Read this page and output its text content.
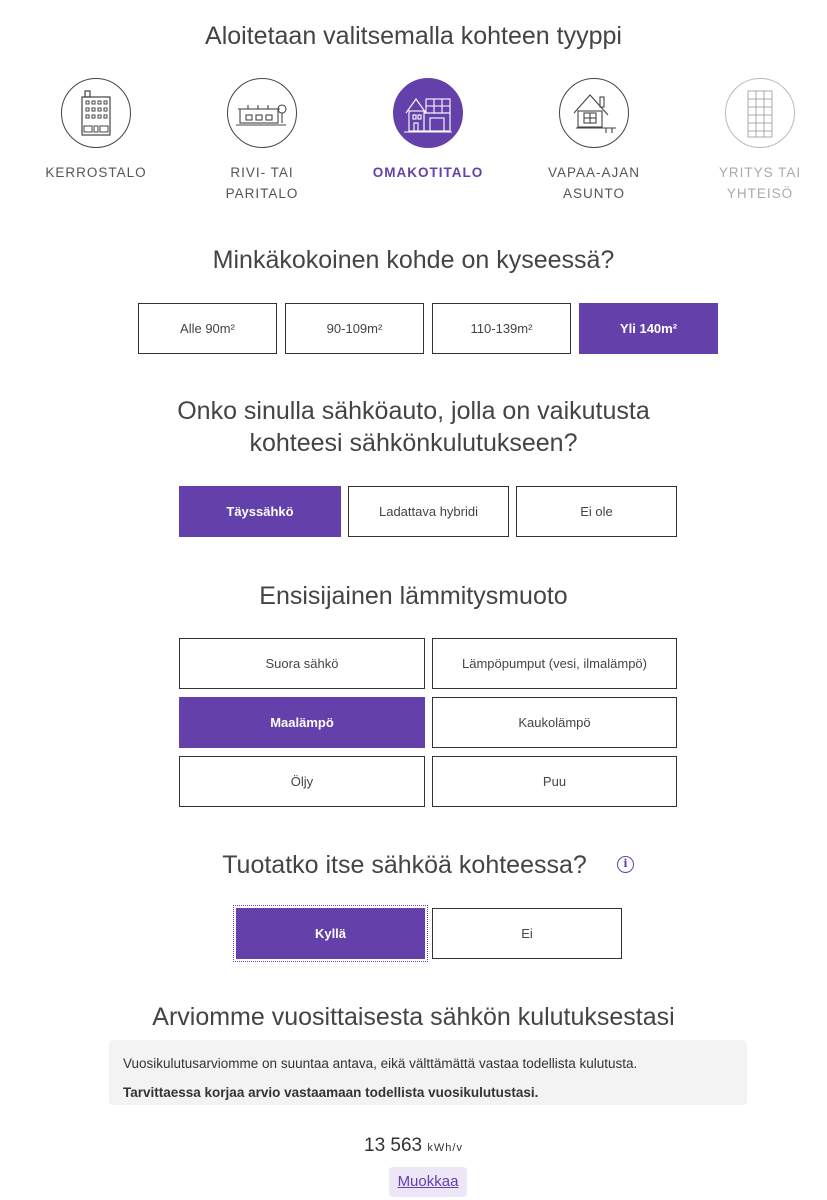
Aloitetaan valitsemalla kohteen tyyppi
KERROSTALO	RIVI- TAI
PARITALO
OMAKOTITALO	VAPAA-AJAN
ASUNTO
YRITYS TAI
YHTEISÖ
Minkäkokoinen kohde on kyseessä?
Alle 90m²	90-109m²	110-139m²	Yli 140m²
Onko sinulla sähköauto, jolla on vaikutusta
kohteesi sähkönkulutukseen?
Täyssähkö	Ladattava hybridi	Ei ole
Ensisijainen lämmitysmuoto
Suora sähkö	Lämpöpumput (vesi, ilmalämpö)
Maalämpö	Kaukolämpö
Öljy	Puu
Tuotatko itse sähköä kohteessa?	i
Kyllä	Ei
Arviomme vuosittaisesta sähkön kulutuksestasi
Vuosikulutusarviomme on suuntaa antava, eikä välttämättä vastaa todellista kulutusta.
Tarvittaessa korjaa arvio vastaamaan todellista vuosikulutustasi.
13 563 kWh/v
Muokkaa
